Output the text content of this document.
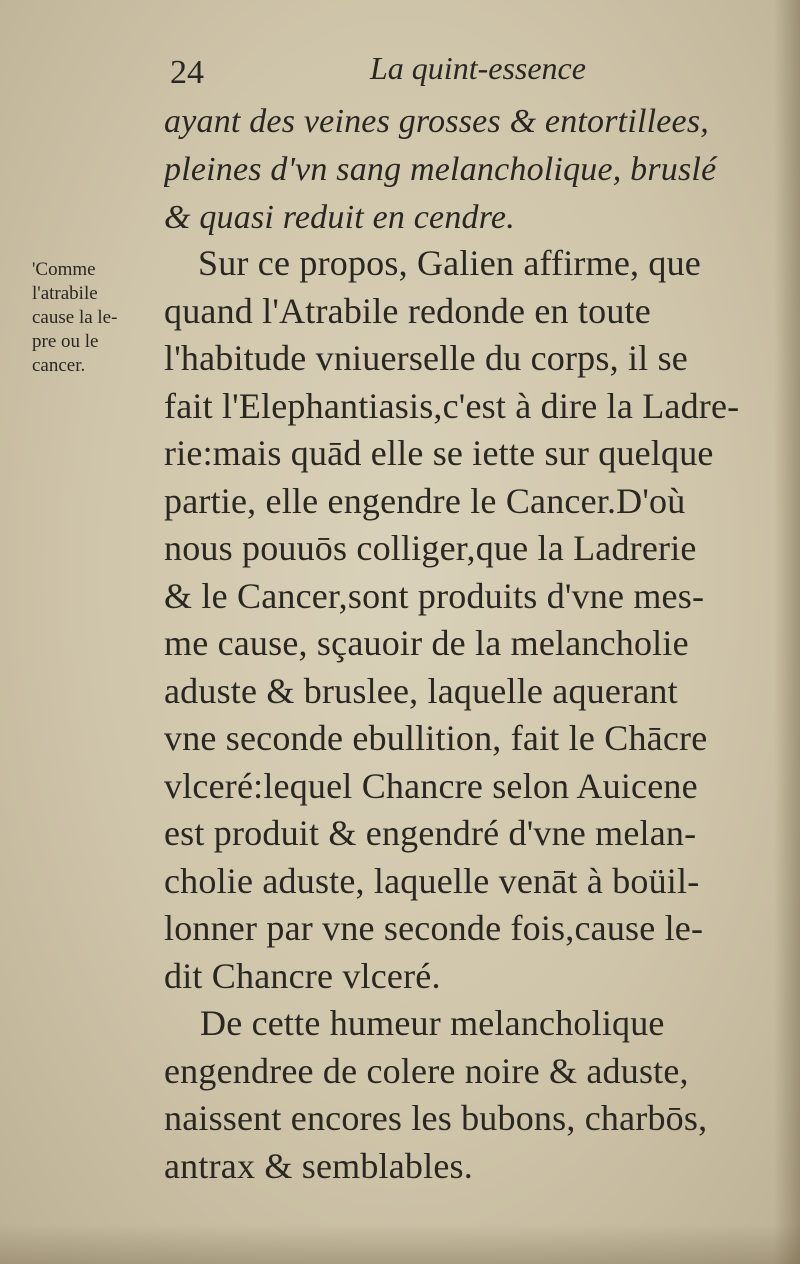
24	La quint-essence
'Comme
l'atrabile
cause la le-
pre ou le
cancer.
ayant des veines grosses & entortillees,
pleines d'vn sang melancholique, bruslé
& quasi reduit en cendre.
Sur ce propos, Galien affirme, que
quand l'Atrabile redonde en toute
l'habitude vniuerselle du corps, il se
fait l'Elephantiasis,c'est à dire la Ladre-
rie:mais quād elle se iette sur quelque
partie, elle engendre le Cancer.D'où
nous pouuōs colliger,que la Ladrerie
& le Cancer,sont produits d'vne mes-
me cause, sçauoir de la melancholie
aduste & bruslee, laquelle aquerant
vne seconde ebullition, fait le Chācre
vlceré:lequel Chancre selon Auicene
est produit & engendré d'vne melan-
cholie aduste, laquelle venāt à boüil-
lonner par vne seconde fois,cause le-
dit Chancre vlceré.
De cette humeur melancholique
engendree de colere noire & aduste,
naissent encores les bubons, charbōs,
antrax & semblables.
